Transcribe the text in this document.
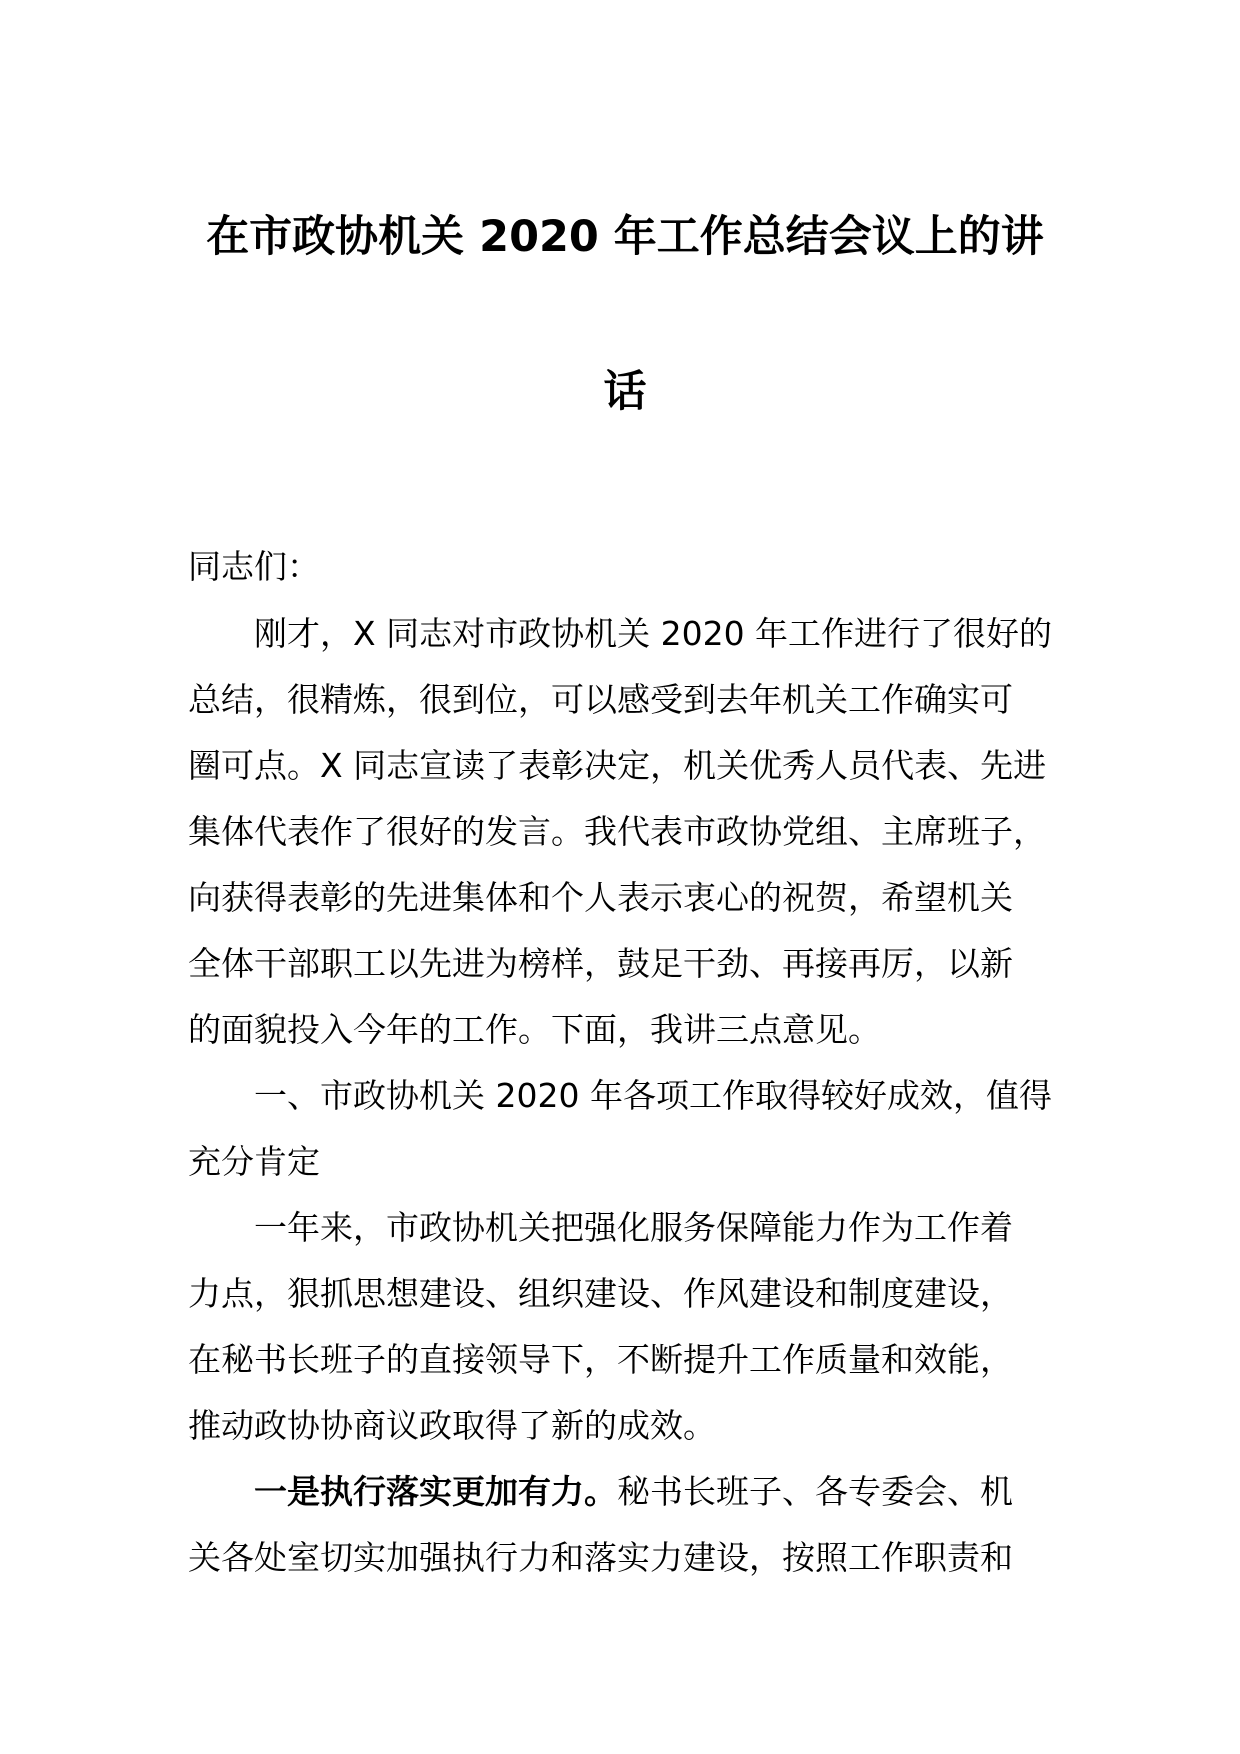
在市政协机关 2020 年工作总结会议上的讲
话
同志们：
刚才，X 同志对市政协机关 2020 年工作进行了很好的
总结，很精炼，很到位，可以感受到去年机关工作确实可
圈可点。X 同志宣读了表彰决定，机关优秀人员代表、先进
集体代表作了很好的发言。我代表市政协党组、主席班子，
向获得表彰的先进集体和个人表示衷心的祝贺，希望机关
全体干部职工以先进为榜样，鼓足干劲、再接再厉，以新
的面貌投入今年的工作。下面，我讲三点意见。
一、市政协机关 2020 年各项工作取得较好成效，值得
充分肯定
一年来，市政协机关把强化服务保障能力作为工作着
力点，狠抓思想建设、组织建设、作风建设和制度建设，
在秘书长班子的直接领导下，不断提升工作质量和效能，
推动政协协商议政取得了新的成效。
一是执行落实更加有力。秘书长班子、各专委会、机
关各处室切实加强执行力和落实力建设，按照工作职责和
